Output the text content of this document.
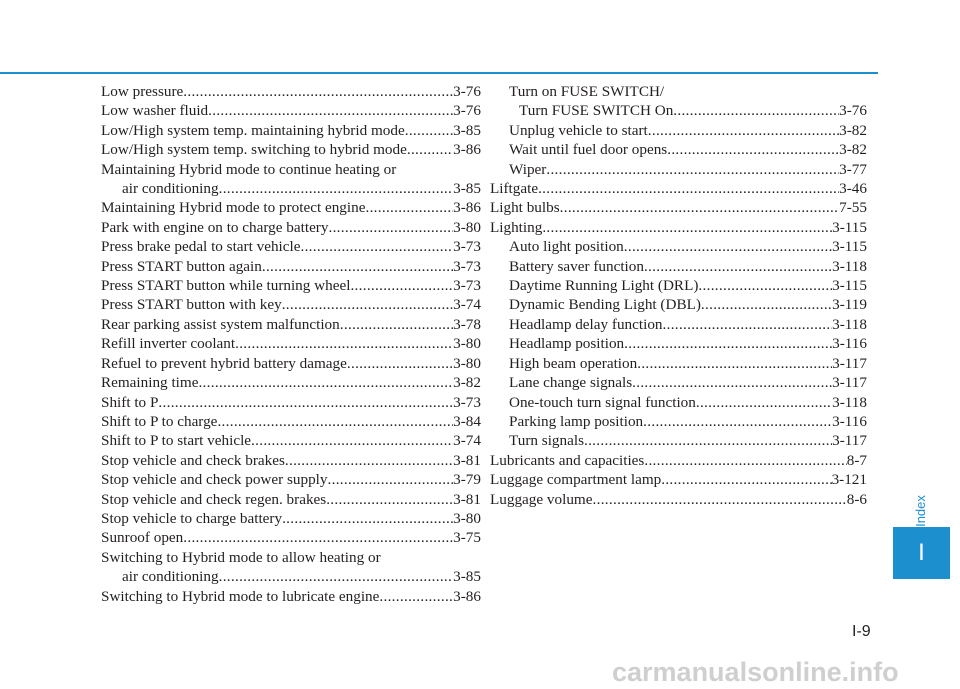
Low pressure .....	3-76
Low washer fluid .....	3-76
Low/High system temp. maintaining hybrid mode .....	3-85
Low/High system temp. switching to hybrid mode .....	3-86
Maintaining Hybrid mode to continue heating or
air conditioning .....	3-85
Maintaining Hybrid mode to protect engine .....	3-86
Park with engine on to charge battery .....	3-80
Press brake pedal to start vehicle .....	3-73
Press START button again .....	3-73
Press START button while turning wheel .....	3-73
Press START button with key .....	3-74
Rear parking assist system malfunction .....	3-78
Refill inverter coolant .....	3-80
Refuel to prevent hybrid battery damage .....	3-80
Remaining time .....	3-82
Shift to P .....	3-73
Shift to P to charge .....	3-84
Shift to P to start vehicle .....	3-74
Stop vehicle and check brakes .....	3-81
Stop vehicle and check power supply .....	3-79
Stop vehicle and check regen. brakes .....	3-81
Stop vehicle to charge battery .....	3-80
Sunroof open .....	3-75
Switching to Hybrid mode to allow heating or
air conditioning .....	3-85
Switching to Hybrid mode to lubricate engine .....	3-86
Turn on FUSE SWITCH/
Turn FUSE SWITCH On .....	3-76
Unplug vehicle to start .....	3-82
Wait until fuel door opens .....	3-82
Wiper .....	3-77
Liftgate .....	3-46
Light bulbs .....	7-55
Lighting .....	3-115
Auto light position .....	3-115
Battery saver function .....	3-118
Daytime Running Light (DRL) .....	3-115
Dynamic Bending Light (DBL) .....	3-119
Headlamp delay function .....	3-118
Headlamp position .....	3-116
High beam operation .....	3-117
Lane change signals .....	3-117
One-touch turn signal function .....	3-118
Parking lamp position .....	3-116
Turn signals .....	3-117
Lubricants and capacities .....	8-7
Luggage compartment lamp .....	3-121
Luggage volume .....	8-6	Index
I
I-9
carmanualsonline.info
